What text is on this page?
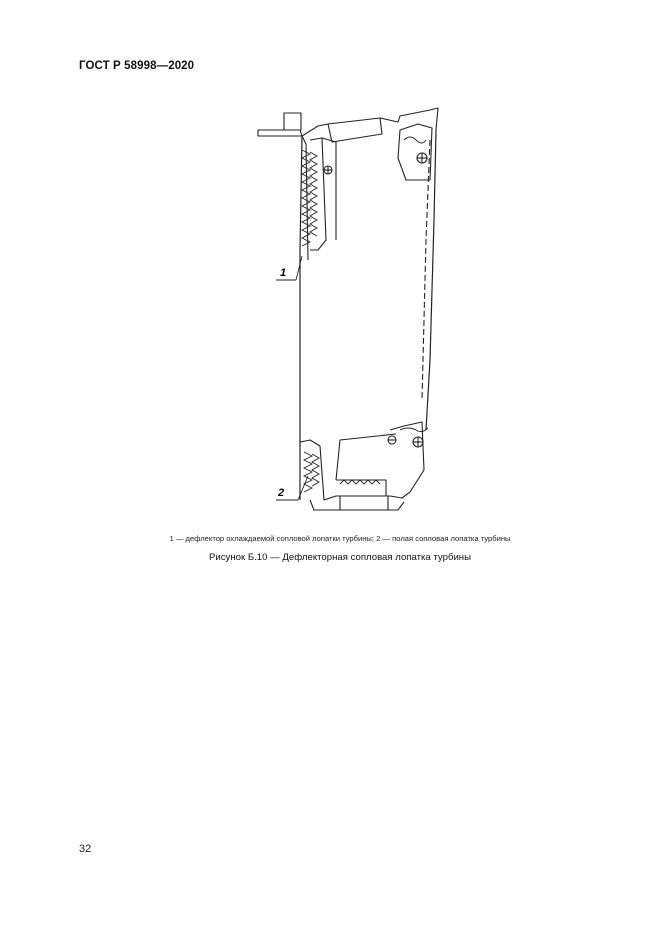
ГОСТ Р 58998—2020
1
2
1 — дефлектор охлаждаемой сопловой лопатки турбины; 2 — полая сопловая лопатка турбины
Рисунок Б.10 — Дефлекторная сопловая лопатка турбины
32
